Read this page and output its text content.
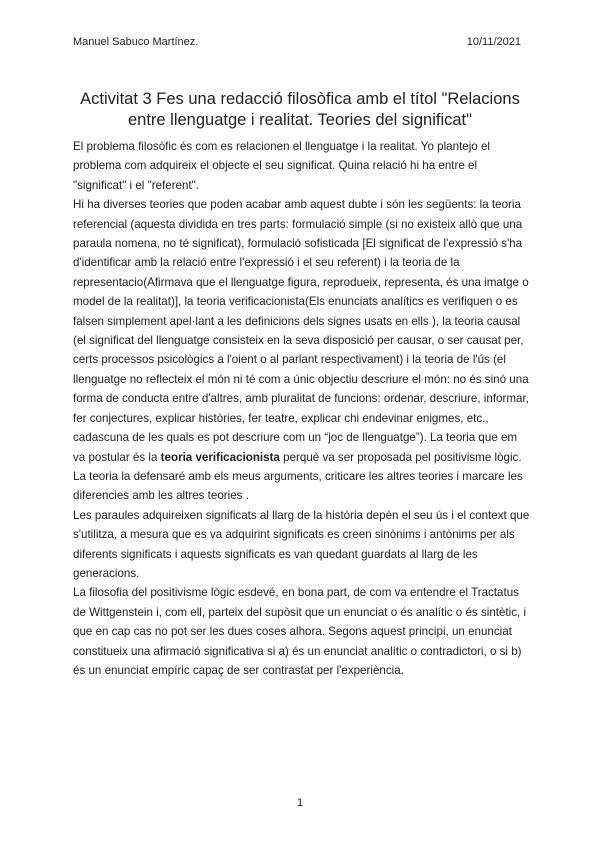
Manuel Sabuco Martínez.	10/11/2021
Activitat 3 Fes una redacció filosòfica amb el títol "Relacions entre llenguatge i realitat. Teories del significat"

El problema filosòfic és com es relacionen el llenguatge i la realitat. Yo plantejo el problema com adquireix el objecte el seu significat. Quina relació hi ha entre el "significat" i el "referent".

Hi ha diverses teories que poden acabar amb aquest dubte i són les següents: la teoria referencial (aquesta dividida en tres parts: formulació simple (si no existeix allò que una paraula nomena, no té significat), formulació sofisticada [El significat de l'expressió s'ha d'identificar amb la relació entre l'expressió i el seu referent) i la teoria de la representacio(Afirmava que el llenguatge figura, reprodueix, representa, és una imatge o model de la realitat)], la teoria verificacionista(Els enunciats analítics es verifiquen o es falsen simplement apel·lant a les definicions dels signes usats en ells ), la teoria causal (el significat del llenguatge consisteix en la seva disposició per causar, o ser causat per, certs processos psicològics a l'oient o al parlant respectivament) i la teoria de l'ús (el llenguatge no reflecteix el món ni té com a únic objectiu descriure el món: no és sinó una forma de conducta entre d'altres, amb pluralitat de funcions: ordenar, descriure, informar, fer conjectures, explicar històries, fer teatre, explicar chi endevinar enigmes, etc., cadascuna de les quals es pot descriure com un “joc de llenguatge”). La teoria que em va postular és la teoria verificacionista perquè va ser proposada pel positivisme lògic.

La teoria la defensaré amb els meus arguments, criticare les altres teories i marcare les diferencies amb les altres teories .

Les paraules adquireixen significats al llarg de la història depèn el seu ús i el context que s'utilitza, a mesura que es va adquirint significats es creen sinònims i antònims per als diferents significats i aquests significats es van quedant guardats al llarg de les generacions.

La filosofia del positivisme lògic esdevé, en bona part, de com va entendre el Tractatus de Wittgenstein i, com ell, parteix del supòsit que un enunciat o és analític o és sintètic, i que en cap cas no pot ser les dues coses alhora. Segons aquest principi, un enunciat constitueix una afirmació significativa si a) és un enunciat analític o contradictori, o si b) és un enunciat empíric capaç de ser contrastat per l'experiència.

1
